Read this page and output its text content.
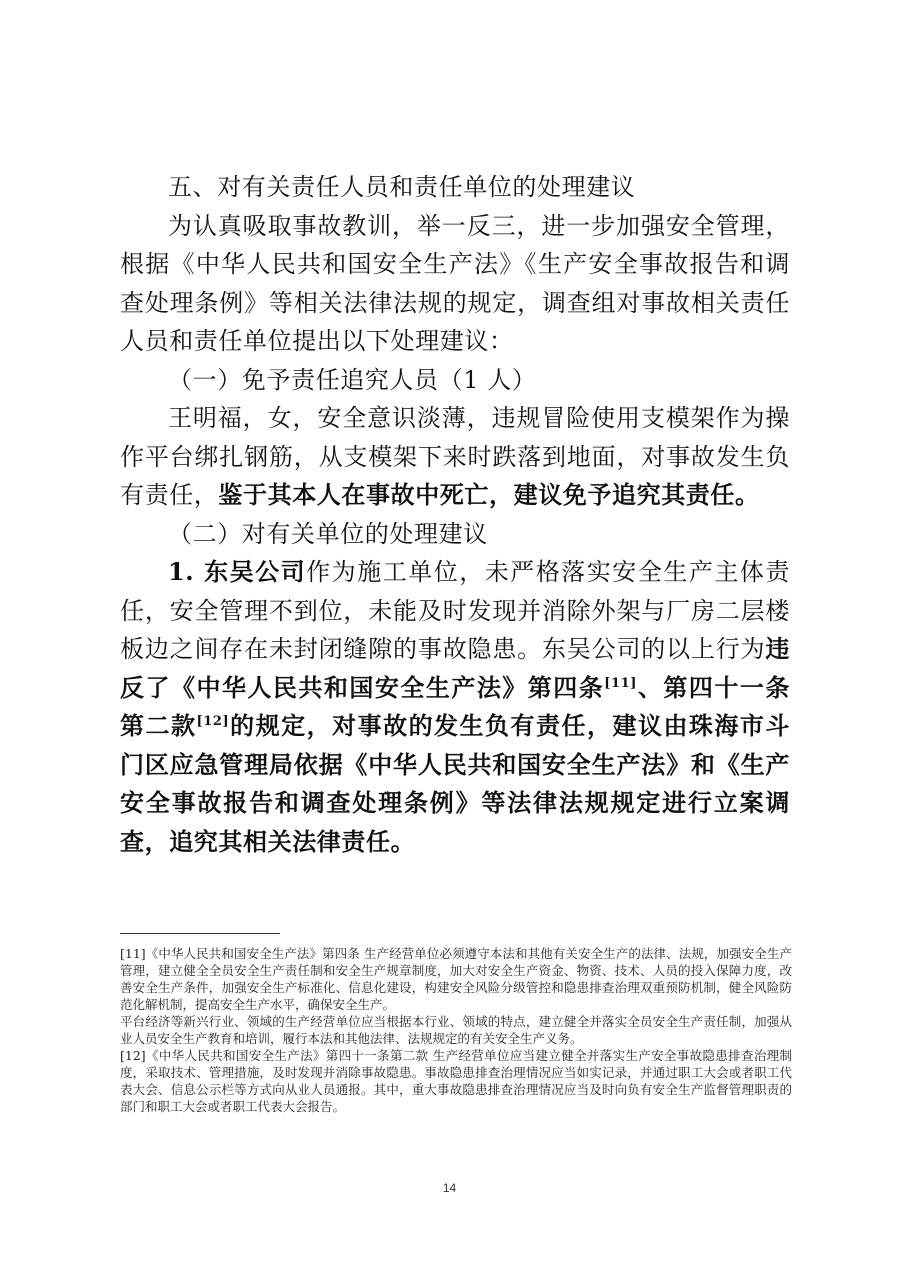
五、对有关责任人员和责任单位的处理建议

为认真吸取事故教训，举一反三，进一步加强安全管理，根据《中华人民共和国安全生产法》《生产安全事故报告和调查处理条例》等相关法律法规的规定，调查组对事故相关责任人员和责任单位提出以下处理建议：

（一）免予责任追究人员（1 人）

王明福，女，安全意识淡薄，违规冒险使用支模架作为操作平台绑扎钢筋，从支模架下来时跌落到地面，对事故发生负有责任，鉴于其本人在事故中死亡，建议免予追究其责任。

（二）对有关单位的处理建议

1. 东吴公司作为施工单位，未严格落实安全生产主体责任，安全管理不到位，未能及时发现并消除外架与厂房二层楼板边之间存在未封闭缝隙的事故隐患。东吴公司的以上行为违反了《中华人民共和国安全生产法》第四条[11]、第四十一条第二款[12]的规定，对事故的发生负有责任，建议由珠海市斗门区应急管理局依据《中华人民共和国安全生产法》和《生产安全事故报告和调查处理条例》等法律法规规定进行立案调查，追究其相关法律责任。

[11]《中华人民共和国安全生产法》第四条 生产经营单位必须遵守本法和其他有关安全生产的法律、法规，加强安全生产管理，建立健全全员安全生产责任制和安全生产规章制度，加大对安全生产资金、物资、技术、人员的投入保障力度，改善安全生产条件，加强安全生产标准化、信息化建设，构建安全风险分级管控和隐患排查治理双重预防机制，健全风险防范化解机制，提高安全生产水平，确保安全生产。

平台经济等新兴行业、领域的生产经营单位应当根据本行业、领域的特点，建立健全并落实全员安全生产责任制，加强从业人员安全生产教育和培训，履行本法和其他法律、法规规定的有关安全生产义务。

[12]《中华人民共和国安全生产法》第四十一条第二款 生产经营单位应当建立健全并落实生产安全事故隐患排查治理制度，采取技术、管理措施，及时发现并消除事故隐患。事故隐患排查治理情况应当如实记录，并通过职工大会或者职工代表大会、信息公示栏等方式向从业人员通报。其中，重大事故隐患排查治理情况应当及时向负有安全生产监督管理职责的部门和职工大会或者职工代表大会报告。

14
